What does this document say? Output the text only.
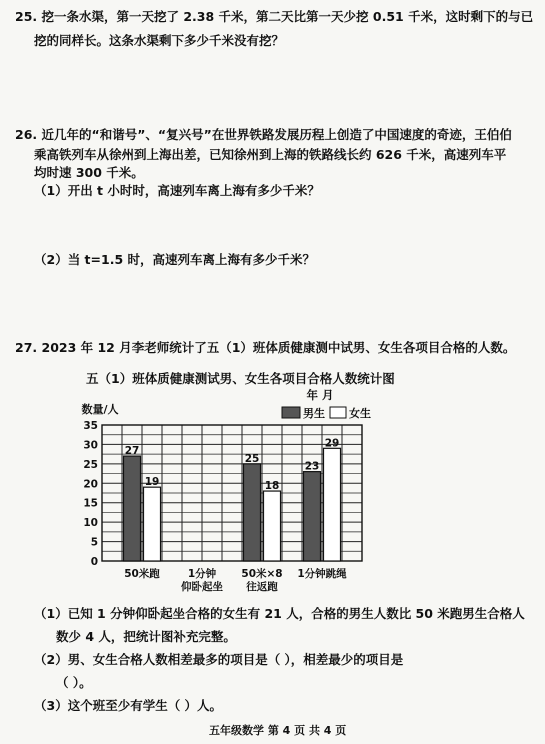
25. 挖一条水渠，第一天挖了 2.38 千米，第二天比第一天少挖 0.51 千米，这时剩下的与已
挖的同样长。这条水渠剩下多少千米没有挖？
26. 近几年的“和谐号”、“复兴号”在世界铁路发展历程上创造了中国速度的奇迹，王伯伯
乘高铁列车从徐州到上海出差，已知徐州到上海的铁路线长约 626 千米，高速列车平
均时速 300 千米。
（1）开出 t 小时时，高速列车离上海有多少千米？
（2）当 t=1.5 时，高速列车离上海有多少千米？
27. 2023 年 12 月李老师统计了五（1）班体质健康测中试男、女生各项目合格的人数。
五（1）班体质健康测试男、女生各项目合格人数统计图
0
5
10
15
20
25
30
35
数量/人
年 月
男生 女生
27
19
50米跑	1分钟
仰卧起坐
25
18
50米×8
往返跑
23
29
1分钟跳绳
（1）已知 1 分钟仰卧起坐合格的女生有 21 人，合格的男生人数比 50 米跑男生合格人
数少 4 人，把统计图补充完整。
（2）男、女生合格人数相差最多的项目是（ ），相差最少的项目是
（ ）。
（3）这个班至少有学生（ ）人。
五年级数学 第 4 页 共 4 页
